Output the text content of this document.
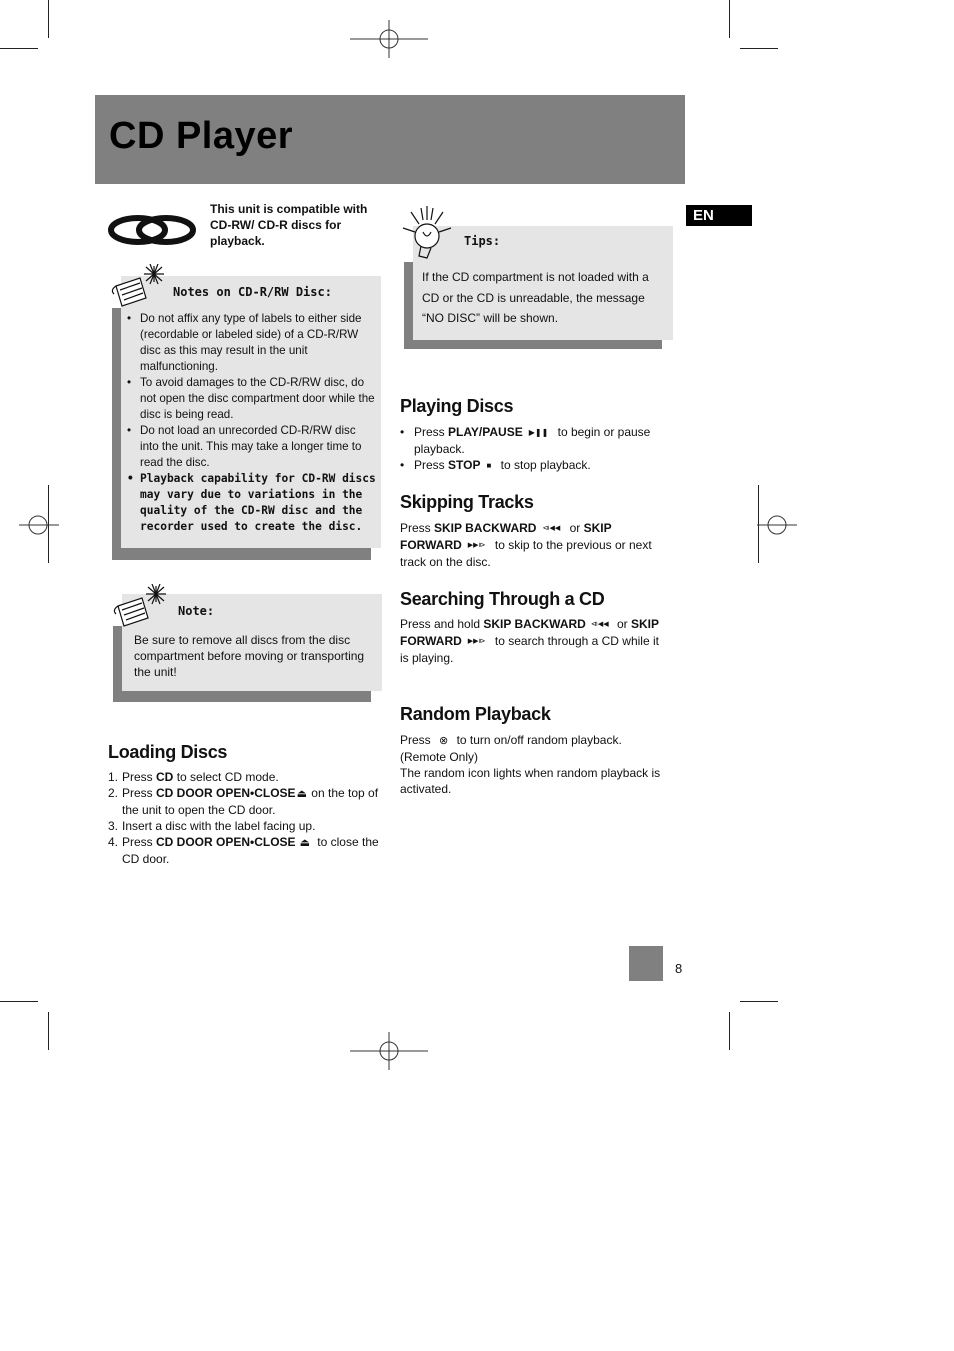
CD Player
EN
This unit is compatible with CD-RW/ CD-R discs for playback.
Notes on CD-R/RW Disc:
• Do not affix any type of labels to either side (recordable or labeled side) of a CD-R/RW disc as this may result in the unit malfunctioning.
• To avoid damages to the CD-R/RW disc, do not open the disc compartment door while the disc is being read.
• Do not load an unrecorded CD-R/RW disc into the unit. This may take a longer time to read the disc.
• Playback capability for CD-RW discs may vary due to variations in the quality of the CD-RW disc and the recorder used to create the disc.
Note:
Be sure to remove all discs from the disc compartment before moving or transporting the unit!
Tips:
If the CD compartment is not loaded with a CD or the CD is unreadable, the message “NO DISC” will be shown.
Loading Discs
1. Press CD to select CD mode.
2. Press CD DOOR OPEN•CLOSE⏏ on the top of the unit to open the CD door.
3. Insert a disc with the label facing up.
4. Press CD DOOR OPEN•CLOSE ⏏ to close the CD door.
Playing Discs
• Press PLAY/PAUSE ▶❚❚ to begin or pause playback.
• Press STOP ■ to stop playback.
Skipping Tracks
Press SKIP BACKWARD ⧏◀◀ or SKIP FORWARD ▶▶⧐ to skip to the previous or next track on the disc.
Searching Through a CD
Press and hold SKIP BACKWARD ⧏◀◀ or SKIP FORWARD ▶▶⧐ to search through a CD while it is playing.
Random Playback
Press ⊗ to turn on/off random playback.
(Remote Only)
The random icon lights when random playback is activated.
8
